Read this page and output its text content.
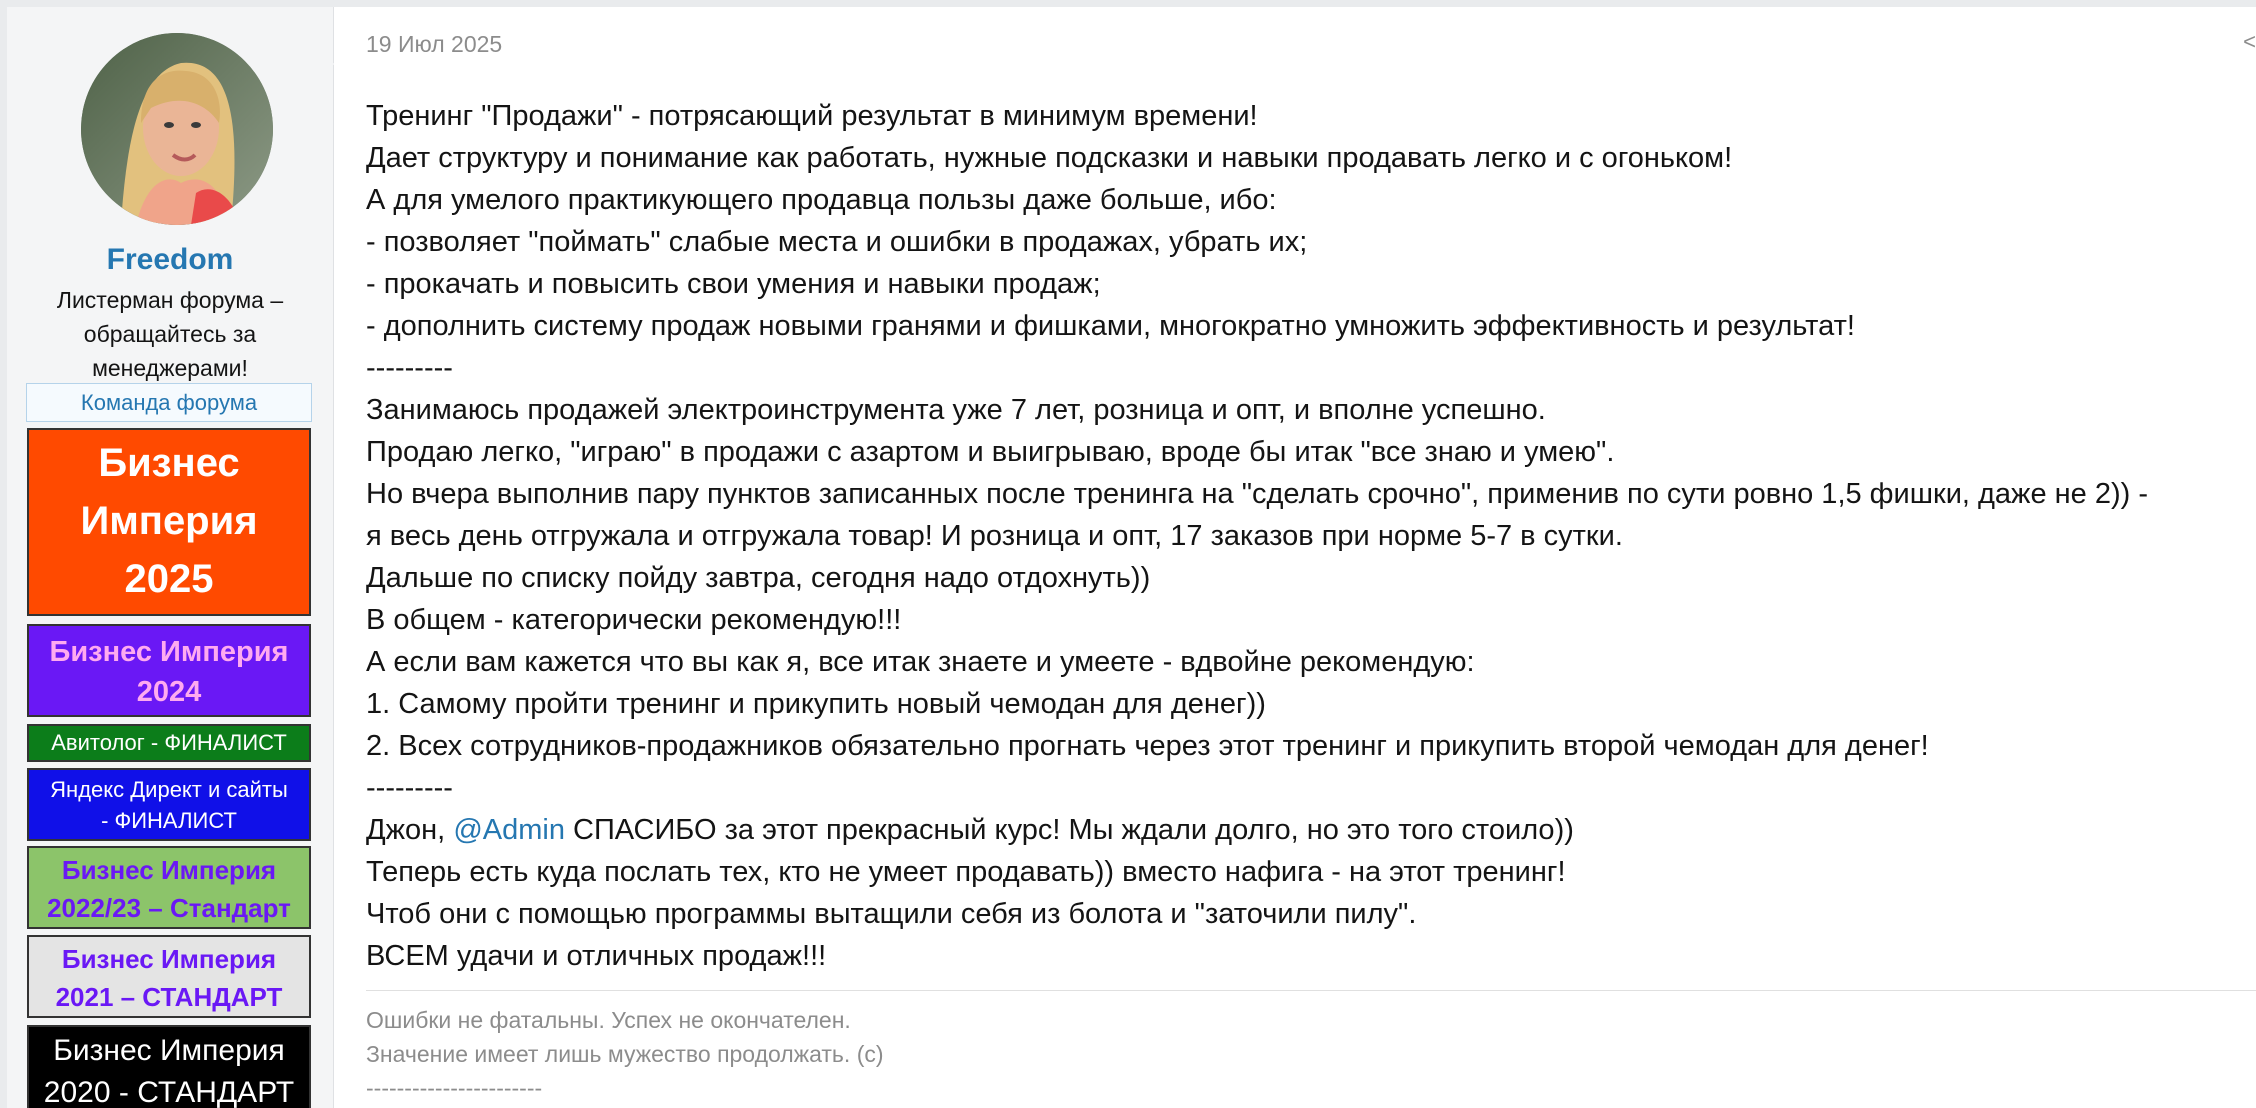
Freedom
Листерман форума – обращайтесь за менеджерами!
Команда форума
Бизнес
Империя
2025
Бизнес Империя
2024
Авитолог - ФИНАЛИСТ
Яндекс Директ и сайты
- ФИНАЛИСТ
Бизнес Империя
2022/23 – Стандарт
Бизнес Империя
2021 – СТАНДАРТ
Бизнес Империя
2020 - СТАНДАРТ
19 Июл 2025	<
Тренинг "Продажи" - потрясающий результат в минимум времени!
Дает структуру и понимание как работать, нужные подсказки и навыки продавать легко и с огоньком!
А для умелого практикующего продавца пользы даже больше, ибо:
- позволяет "поймать" слабые места и ошибки в продажах, убрать их;
- прокачать и повысить свои умения и навыки продаж;
- дополнить систему продаж новыми гранями и фишками, многократно умножить эффективность и результат!
---------
Занимаюсь продажей электроинструмента уже 7 лет, розница и опт, и вполне успешно.
Продаю легко, "играю" в продажи с азартом и выигрываю, вроде бы итак "все знаю и умею".
Но вчера выполнив пару пунктов записанных после тренинга на "сделать срочно", применив по сути ровно 1,5 фишки, даже не 2)) -
я весь день отгружала и отгружала товар! И розница и опт, 17 заказов при норме 5-7 в сутки.
Дальше по списку пойду завтра, сегодня надо отдохнуть))
В общем - категорически рекомендую!!!
А если вам кажется что вы как я, все итак знаете и умеете - вдвойне рекомендую:
1. Самому пройти тренинг и прикупить новый чемодан для денег))
2. Всех сотрудников-продажников обязательно прогнать через этот тренинг и прикупить второй чемодан для денег!
---------
Джон, @Admin СПАСИБО за этот прекрасный курс! Мы ждали долго, но это того стоило))
Теперь есть куда послать тех, кто не умеет продавать)) вместо нафига - на этот тренинг!
Чтоб они с помощью программы вытащили себя из болота и "заточили пилу".
ВСЕМ удачи и отличных продаж!!!
Ошибки не фатальны. Успех не окончателен.
Значение имеет лишь мужество продолжать. (с)
-----------------------
